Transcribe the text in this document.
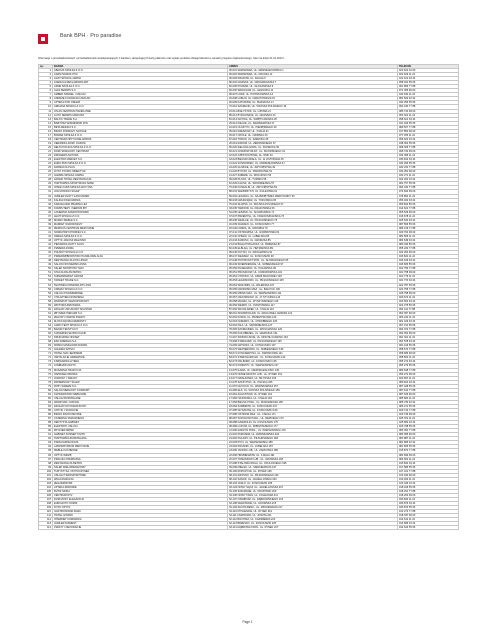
Bank BPH · Pro paradise
Informacje o przedsiębiorstwach i przedsiębiorcach współpracujących z bankiem, akceptujących karty płatnicze oraz wykaz punktów obsługi klientów w ramach programu lojalnościowego. Stan na dzień 01.01.2013 r.
Lp.	NAZWA	ADRES	TELEFON
1	ABAKUS SPÓŁKA Z O.O.	00-001 WARSZAWA, UL. MARSZAŁKOWSKA 1	022 622 10 00
2	ADAM NOWAK PHU	00-002 WARSZAWA, UL. KRUCZA 12	022 629 11 22
3	AGAT SPÓŁKA JAWNA	30-003 KRAKÓW, UL. DŁUGA 5	012 421 33 44
4	AGENCJA REKLAMOWA ART	80-004 GDAŃSK, UL. GRUNWALDZKA 7	058 341 55 66
5	AKME SPÓŁKA Z O.O.	60-005 POZNAŃ, UL. GŁOGOWSKA 9	061 866 77 88
6	ALFA SERWIS S.C.	50-006 WROCŁAW, UL. LEGNICKA 11	071 355 99 00
7	AMBER HANDEL I USŁUGI	90-007 ŁÓDŹ, UL. PIOTRKOWSKA 13	042 632 11 22
8	ANDRZEJ KOWALSKI ZAKŁAD	20-008 LUBLIN, UL. NARUTOWICZA 15	081 532 33 44
9	APTEKA POD ORŁEM	40-009 KATOWICE, UL. MARIACKA 17	032 253 55 66
10	ARKADIA SPÓŁKA Z O.O.	70-010 SZCZECIN, UL. WOJSKA POLSKIEGO 19	091 434 77 88
11	ATLAS CENTRUM HANDLOWE	15-011 BIAŁYSTOK, UL. LIPOWA 21	085 742 99 00
12	AUTO SERWIS MARIUSZ	85-012 BYDGOSZCZ, UL. GDAŃSKA 23	052 322 11 22
13	BALTIC TRADE S.A.	81-013 GDYNIA, UL. ŚWIĘTOJAŃSKA 25	058 621 33 44
14	BARTOSZ WIŚNIEWSKI FHU	25-014 KIELCE, UL. SIENKIEWICZA 27	041 344 55 66
15	BETA MEDICA S.C.	10-015 OLSZTYN, UL. PIENIĘŻNEGO 29	089 527 77 88
16	BIURO PODRÓŻY SŁOŃCE	35-016 RZESZÓW, UL. 3 MAJA 31	017 852 99 00
17	BOMAR SPÓŁKA Z O.O.	45-017 OPOLE, UL. OZIMSKA 33	077 453 11 22
18	CENTRUM OPTYCZNE WZROK	87-018 TORUŃ, UL. SZEROKA 35	056 622 33 44
19	CERAMIKA DOM I OGRÓD	26-019 RADOM, UL. ŻEROMSKIEGO 37	048 362 55 66
20	DELTA POLSKA SPÓŁKA Z O.O.	65-020 ZIELONA GÓRA, UL. KUPIECKA 39	068 325 77 88
21	DOM HANDLOWY CENTRUM	66-021 GORZÓW WLKP., UL. SIKORSKIEGO 41	095 720 99 00
22	DROGERIA NATURA	42-022 CZĘSTOCHOWA, AL. NMP 43	034 365 11 22
23	ELEKTRO MARKET S.C.	43-023 BIELSKO-BIAŁA, UL. 11 LISTOPADA 45	033 812 33 44
24	EURO BUD SPÓŁKA Z O.O.	41-024 SOSNOWIEC, UL. MODRZEJOWSKA 47	032 266 55 66
25	FARMACJA PLUS	44-025 GLIWICE, UL. ZWYCIĘSTWA 49	032 231 77 88
26	FOTO STUDIO OBIEKTYW	41-026 BYTOM, UL. DWORCOWA 51	032 281 99 00
27	GAMMA SPÓŁKA JAWNA	41-027 ZABRZE, UL. WOLNOŚCI 53	032 271 11 22
28	GRAND HOTEL RESTAURACJA	09-028 PŁOCK, UL. TUMSKA 55	024 262 33 44
29	HURTOWNIA SPOŻYWCZA SMAK	62-029 KALISZ, UL. ŚRÓDMIEJSKA 57	062 757 55 66
30	INTER CARS SPÓŁKA AKCYJNA	75-030 KOSZALIN, UL. ZWYCIĘSTWA 59	094 342 77 88
31	JAN NOWICKI SKLEP	58-031 WAŁBRZYCH, UL. KOLEJOWA 61	074 842 99 00
32	JUBILER ZŁOTY ŁAŃCUSZEK	59-032 LEGNICA, UL. NAJŚWIĘTSZEJ MARII PANNY 63	076 862 11 22
33	KALINA KWIACIARNIA	86-033 GRUDZIĄDZ, UL. TORUŃSKA 65	056 462 33 44
34	KANCELARIA PRAWNA LEX	76-034 SŁUPSK, UL. WOJSKA POLSKIEGO 67	059 842 55 66
35	KOMPUTERY I SERWIS BIT	33-035 TARNÓW, UL. KRAKOWSKA 69	014 621 77 88
36	LAKIERNIA SAMOCHODOWA	64-036 LESZNO, UL. SŁOWIAŃSKA 71	065 529 99 00
37	LECH SPÓŁKA Z O.O.	37-037 PRZEMYŚL, UL. FRANCISZKAŃSKA 73	016 678 11 22
38	MAKRO MEBLE S.C.	08-038 SIEDLCE, UL. PIŁSUDSKIEGO 75	025 632 33 44
39	MARKET OGRODNICZY	16-039 SUWAŁKI, UL. KOŚCIUSZKI 77	087 566 55 66
40	MEDICUS CENTRUM MEDYCZNE	18-040 ŁOMŻA, UL. DWORNA 79	086 216 77 88
41	NOWA PRZYCHODNIA S.C.	07-041 OSTROŁĘKA, UL. GORBATOWA 81	029 764 99 00
42	OMEGA SPÓŁKA Z O.O.	22-042 CHEŁM, UL. LUBELSKA 83	082 565 11 22
43	OPTYK JANUSZ ZIELIŃSKI	22-043 ZAMOŚĆ, UL. GRODZKA 85	084 639 33 44
44	PIEKARNIA ZŁOTY KŁOS	21-044 BIAŁA PODLASKA, UL. BRZESKA 87	083 343 55 66
45	PIZZERIA ROMA	82-045 ELBLĄG, UL. HETMAŃSKA 89	055 232 77 88
46	POLMOT SPÓŁKA Z O.O.	99-046 KUTNO, UL. KRÓLEWSKA 91	024 254 99 00
47	PRZEDSIĘBIORSTWO HANDLOWE ALFA	98-047 SIERADZ, UL. KOŚCIUSZKI 93	043 822 11 22
48	RESTAURACJA POD LIPAMI	97-048 PIOTRKÓW TRYB., UL. SŁOWACKIEGO 95	044 646 33 44
49	SALON FRYZJERSKI ANNA	96-049 SKIERNIEWICE, UL. SOBIESKIEGO 97	046 833 55 66
50	SKLEP SPORTOWY MAX	05-050 PIASECZNO, UL. PUŁAWSKA 99	022 756 77 88
51	STACJA PALIW PETRO	05-051 PRUSZKÓW, UL. KOMOROWSKA 101	022 758 99 00
52	SUPERMARKET GROSZ	05-052 OTWOCK, UL. ARMII KRAJOWEJ 103	022 779 11 22
53	TARGET TRADE S.C.	05-053 LEGIONOWO, UL. PIŁSUDSKIEGO 105	022 774 33 44
54	TECHNIKA DOMOWA RTV AGD	05-054 WOŁOMIN, UL. WILEŃSKA 107	022 787 55 66
55	UNIMAX SPÓŁKA Z O.O.	05-055 GRODZISK MAZ., UL. BAŁDYGI 109	022 755 77 88
56	USŁUGI POGRZEBOWE	05-056 MIŃSK MAZ., UL. WARSZAWSKA 111	025 758 99 00
57	VITA APTEKA RODZINNA	06-057 CIECHANÓW, UL. 17 STYCZNIA 113	023 672 11 22
58	WARSZTAT SAMOCHODOWY	06-058 MŁAWA, UL. WYSZYŃSKIEGO 115	023 654 33 44
59	WIKTORIA BIŻUTERIA	09-059 SIERPC, UL. PIASTOWSKA 117	024 275 55 66
60	ZAKŁAD USŁUGOWY MAJSTER	87-060 WŁOCŁAWEK, UL. 3 MAJA 119	054 411 77 88
61	ZBYSZEK PIEKARZ S.C.	88-061 INOWROCŁAW, UL. KRÓLOWEJ JADWIGI 121	052 357 99 00
62	ZIELONY OGRÓD KWIATY	62-062 KONIN, UL. PRZEMYSŁOWA 123	063 242 11 22
63	ZŁOTA RĄCZKA REMONTY	62-063 GNIEZNO, UL. CHROBREGO 125	061 426 33 44
64	AGRO TECH SPÓŁKA Z O.O.	64-064 PIŁA, UL. ŚRÓDMIEJSKA 127	067 212 55 66
65	BAZAR TEKSTYLNY	78-065 SZCZECINEK, UL. WOŚCIAŃSKA 129	094 372 77 88
66	CUKIERNIA SŁODKI KĄCIK	78-066 KOŁOBRZEG, UL. GIERCZAK 131	094 354 99 00
67	DRUKARNIA OFFSET	72-067 ŚWINOUJŚCIE, UL. MONTE CASSINO 133	091 321 11 22
68	EKO ENERGIA S.A.	73-068 STARGARD, UL. PIŁSUDSKIEGO 135	091 578 33 44
69	FIRMA HANDLOWA ROMAN	74-069 GRYFINO, UL. KOŚCIUSZKI 137	091 416 55 66
70	GALERIA SZTUKI	84-070 WEJHEROWO, UL. SOBIESKIEGO 139	058 672 77 88
71	HOTEL NAD JEZIOREM	83-071 KOŚCIERZYNA, UL. DWORCOWA 141	058 686 99 00
72	INSTALACJE GRZEWCZE	83-072 STAROGARD GD., UL. KOŚCIUSZKI 143	058 562 11 22
73	KSIĘGARNIA LITERA	82-073 MALBORK, UL. KOŚCIUSZKI 145	055 272 33 44
74	LOMBARD ZŁOTO	82-074 KWIDZYN, UL. WARSZAWSKA 147	055 279 55 66
75	MASARNIA TRADYCJA	14-075 IŁAWA, UL. NIEPODLEGŁOŚCI 149	089 648 77 88
76	NAPRAWA OBUWIA	13-076 NOWE MIASTO LUB., UL. RYNEK 151	056 472 99 00
77	OGRODY I TARASY	13-077 DZIAŁDOWO, UL. MŁYŃSKA 153	023 697 11 22
78	PAPIERNICZY SKLEP	12-078 SZCZYTNO, UL. POLSKA 155	089 624 33 44
79	RYBY ŚWIEŻE S.C.	11-079 GIŻYCKO, UL. WARSZAWSKA 157	087 428 55 66
80	SALON MEBLOWY KOMFORT	19-080 EŁK, UL. WOJSKA POLSKIEGO 159	087 610 77 88
81	TAPICERSTWO MEBLOWE	16-081 AUGUSTÓW, UL. RYNEK 161	087 643 99 00
82	USŁUGI BUDOWLANE	17-082 HAJNÓWKA, UL. 3 MAJA 163	085 682 11 22
83	WARZYWA I OWOCE	17-083 BIELSK PODL., UL. MICKIEWICZA 165	085 730 33 44
84	ZAKŁAD FOTOGRAFICZNY	18-084 ZAMBRÓW, UL. KOŚCIUSZKI 167	086 271 55 66
85	ANTYKI I STAROCIE	07-085 WYSZKÓW, UL. KOŚCIUSZKI 169	029 742 77 88
86	BIURO RACHUNKOWE	07-086 OSTRÓW MAZ., UL. 3 MAJA 171	029 745 99 00
87	CATERING SMACZNEGO	08-087 SOKOŁÓW PODL., UL. REPKIEGO 173	025 781 11 22
88	DENTYSTA GABINET	08-088 GARWOLIN, UL. KOŚCIUSZKI 175	025 682 33 44
89	ELEKTRYK USŁUGI	08-089 ŁUKÓW, UL. MIĘDZYRZECKA 177	025 798 55 66
90	FRYZJER MĘSKI	21-090 RADZYŃ PODL., UL. WARSZAWSKA 179	083 352 77 88
91	GABINET KOSMETYCZNY	21-091 PARCZEW, UL. WARSZAWSKA 181	083 355 99 00
92	HURTOWNIA BUDOWLANA	24-092 PUŁAWY, UL. PIŁSUDSKIEGO 183	081 887 11 22
93	KWIACIARNIA RÓŻA	24-093 RYKI, UL. WARSZAWSKA 185	081 865 33 44
94	LABORATORIUM MEDYCZNE	23-094 KRAŚNIK, UL. LUBELSKA 187	081 825 55 66
95	MEBLE KUCHENNE	23-095 JANÓW LUB., UL. ZAMOJSKA 189	015 872 77 88
96	OPTYK WIDZĘ	22-096 HRUBIESZÓW, UL. 3 MAJA 191	084 696 99 00
97	PRALNIA CHEMICZNA	22-097 TOMASZÓW LUB., UL. LWOWSKA 193	084 664 11 22
98	RESTAURACJA RETRO	37-098 STALOWA WOLA, UL. OKULICKIEGO 195	015 842 33 44
99	SKLEP WIELOBRANŻOWY	39-099 MIELEC, UL. SIENKIEWICZA 197	017 583 55 66
100	TURYSTYKA I WYPOCZYNEK	39-100 ROPCZYCE, UL. RYNEK 199	017 221 77 88
101	USŁUGI TRANSPORTOWE	38-101 KROSNO, UL. PIŁSUDSKIEGO 201	013 432 99 00
102	WULKANIZACJA	38-102 SANOK, UL. JAGIELLOŃSKA 203	013 464 11 22
103	ZEGARMISTRZ	38-103 JASŁO, UL. KOŚCIUSZKI 205	013 446 33 44
104	APTEKA ZDROWIE	33-104 NOWY SĄCZ, UL. JAGIELLOŃSKA 207	018 443 55 66
105	BUTIK MODA	34-105 ZAKOPANE, UL. KRUPÓWKI 209	018 201 77 88
106	CENTRUM RTV	34-106 NOWY TARG, UL. KOLEJOWA 211	018 264 99 00
107	DOM MODY ELEGANCJA	32-107 OŚWIĘCIM, UL. DĄBROWSKIEGO 213	033 842 11 22
108	EUROAUTO KOMIS	34-108 WADOWICE, UL. LWOWSKA 215	033 873 33 44
109	FOTO OPTYK	34-109 SUCHA BESK., UL. MICKIEWICZA 217	033 874 55 66
110	GASTRONOMIA SMAK	34-110 MYŚLENICE, UL. RYNEK 219	012 272 77 88
111	HOTEL GÓRSKI	34-111 LIMANOWA, UL. JOSZTA 221	018 337 99 00
112	INTERNET KAWIARNIA	32-112 BOCHNIA, UL. KAZIMIERZA 223	014 612 11 22
113	JUBILER DIAMENT	32-113 BRZESKO, UL. KOŚCIUSZKI 225	014 686 33 44
114	KWIATY I DEKORACJE	33-114 DĄBROWA TARN., UL. RYNEK 227	014 642 55 66
Page 1
